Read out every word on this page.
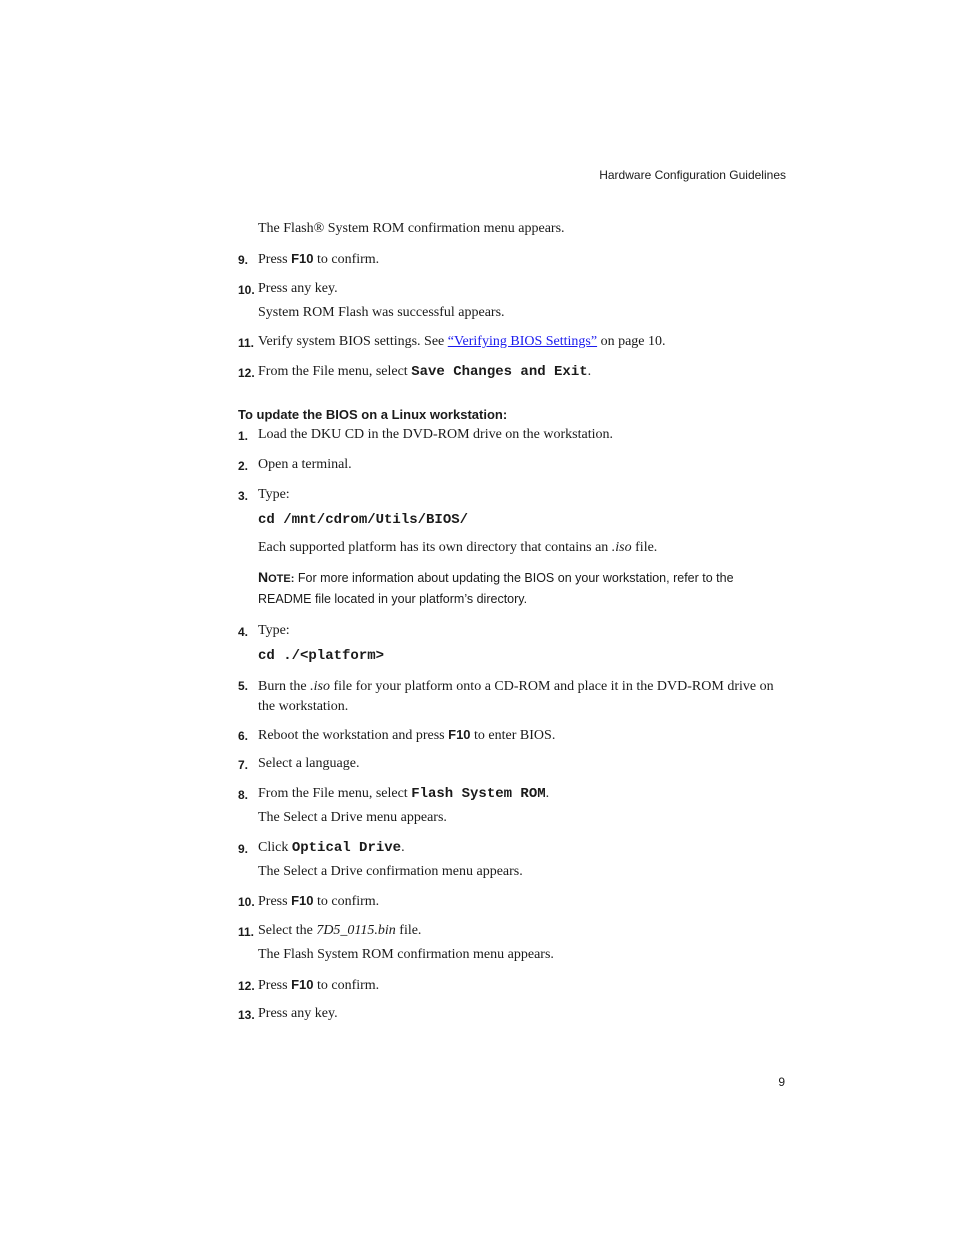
Hardware Configuration Guidelines
The Flash® System ROM confirmation menu appears.
9. Press F10 to confirm.
10. Press any key.
System ROM Flash was successful appears.
11. Verify system BIOS settings. See “Verifying BIOS Settings” on page 10.
12. From the File menu, select Save Changes and Exit.
To update the BIOS on a Linux workstation:
1. Load the DKU CD in the DVD-ROM drive on the workstation.
2. Open a terminal.
3. Type:
cd /mnt/cdrom/Utils/BIOS/
Each supported platform has its own directory that contains an .iso file.
NOTE: For more information about updating the BIOS on your workstation, refer to the README file located in your platform’s directory.
4. Type:
cd ./<platform>
5. Burn the .iso file for your platform onto a CD-ROM and place it in the DVD-ROM drive on the workstation.
6. Reboot the workstation and press F10 to enter BIOS.
7. Select a language.
8. From the File menu, select Flash System ROM.
The Select a Drive menu appears.
9. Click Optical Drive.
The Select a Drive confirmation menu appears.
10. Press F10 to confirm.
11. Select the 7D5_0115.bin file.
The Flash System ROM confirmation menu appears.
12. Press F10 to confirm.
13. Press any key.
9
